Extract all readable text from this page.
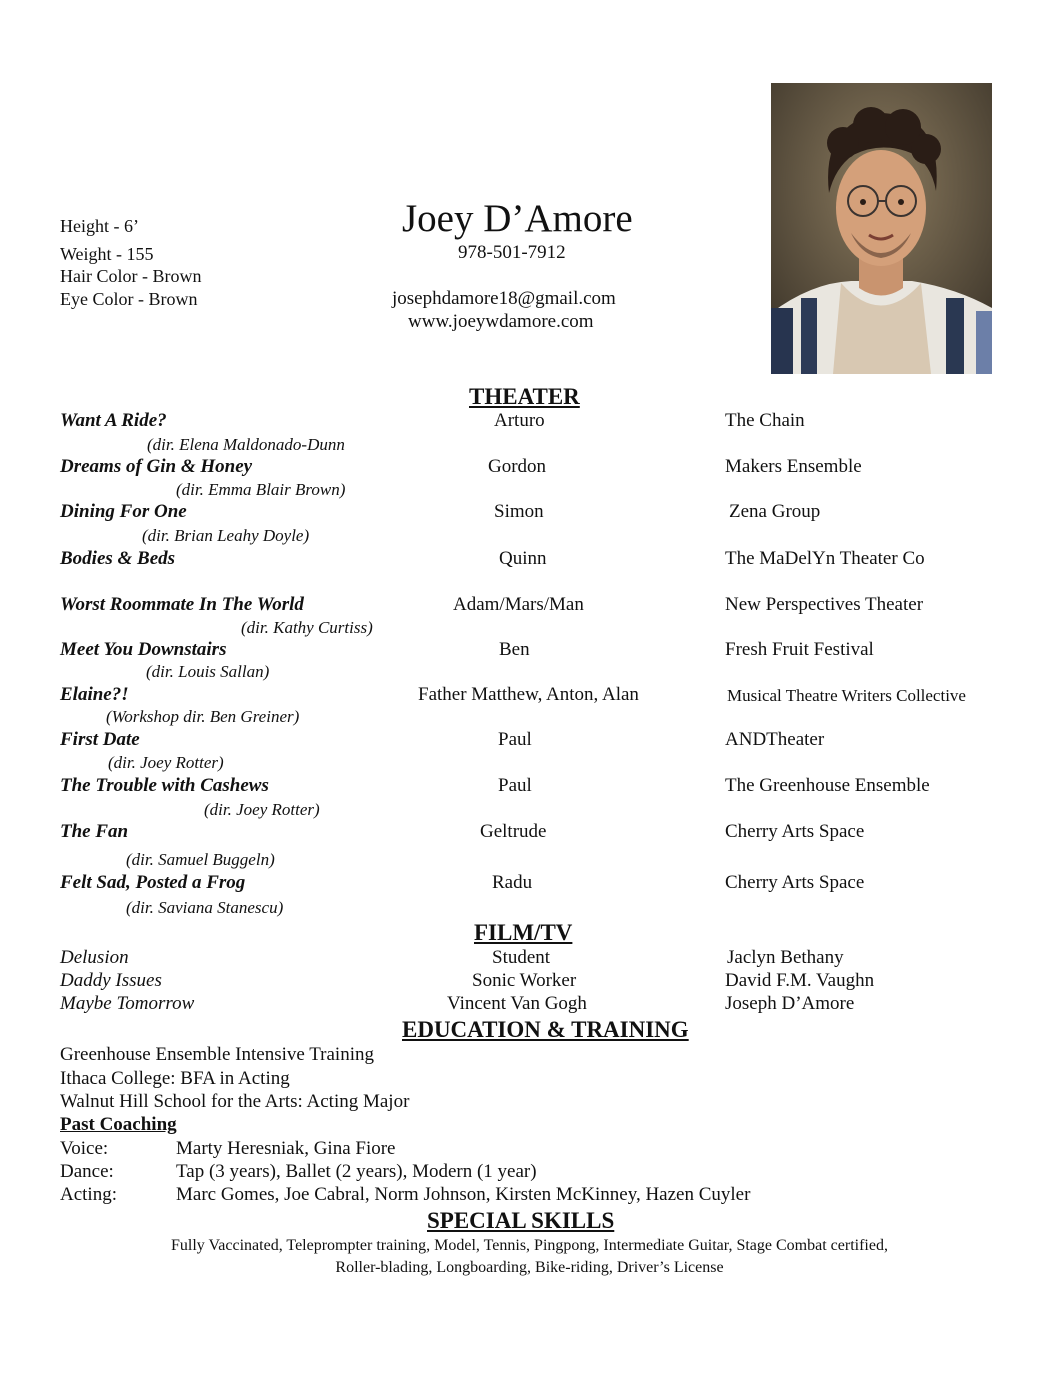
Height - 6’
Weight - 155
Hair Color - Brown
Eye Color - Brown
Joey D’Amore
978-501-7912
josephdamore18@gmail.com
www.joeywdamore.com
THEATER
Want A Ride?	Arturo	The Chain
(dir. Elena Maldonado-Dunn
Dreams of Gin & Honey	Gordon	Makers Ensemble
(dir. Emma Blair Brown)
Dining For One	Simon	Zena Group
(dir. Brian Leahy Doyle)
Bodies & Beds	Quinn	The MaDelYn Theater Co
Worst Roommate In The World	Adam/Mars/Man	New Perspectives Theater
(dir. Kathy Curtiss)
Meet You Downstairs	Ben	Fresh Fruit Festival
(dir. Louis Sallan)
Elaine?!	Father Matthew, Anton, Alan	Musical Theatre Writers Collective
(Workshop dir. Ben Greiner)
First Date	Paul	ANDTheater
(dir. Joey Rotter)
The Trouble with Cashews	Paul	The Greenhouse Ensemble
(dir. Joey Rotter)
The Fan	Geltrude	Cherry Arts Space
(dir. Samuel Buggeln)
Felt Sad, Posted a Frog	Radu	Cherry Arts Space
(dir. Saviana Stanescu)
FILM/TV
Delusion	Student	Jaclyn Bethany
Daddy Issues	Sonic Worker	David F.M. Vaughn
Maybe Tomorrow	Vincent Van Gogh	Joseph D’Amore
EDUCATION & TRAINING
Greenhouse Ensemble Intensive Training
Ithaca College: BFA in Acting
Walnut Hill School for the Arts: Acting Major
Past Coaching
Voice:	Marty Heresniak, Gina Fiore
Dance:	Tap (3 years), Ballet (2 years), Modern (1 year)
Acting:	Marc Gomes, Joe Cabral, Norm Johnson, Kirsten McKinney, Hazen Cuyler
SPECIAL SKILLS
Fully Vaccinated, Teleprompter training, Model, Tennis, Pingpong, Intermediate Guitar, Stage Combat certified,
Roller-blading, Longboarding, Bike-riding, Driver’s License
